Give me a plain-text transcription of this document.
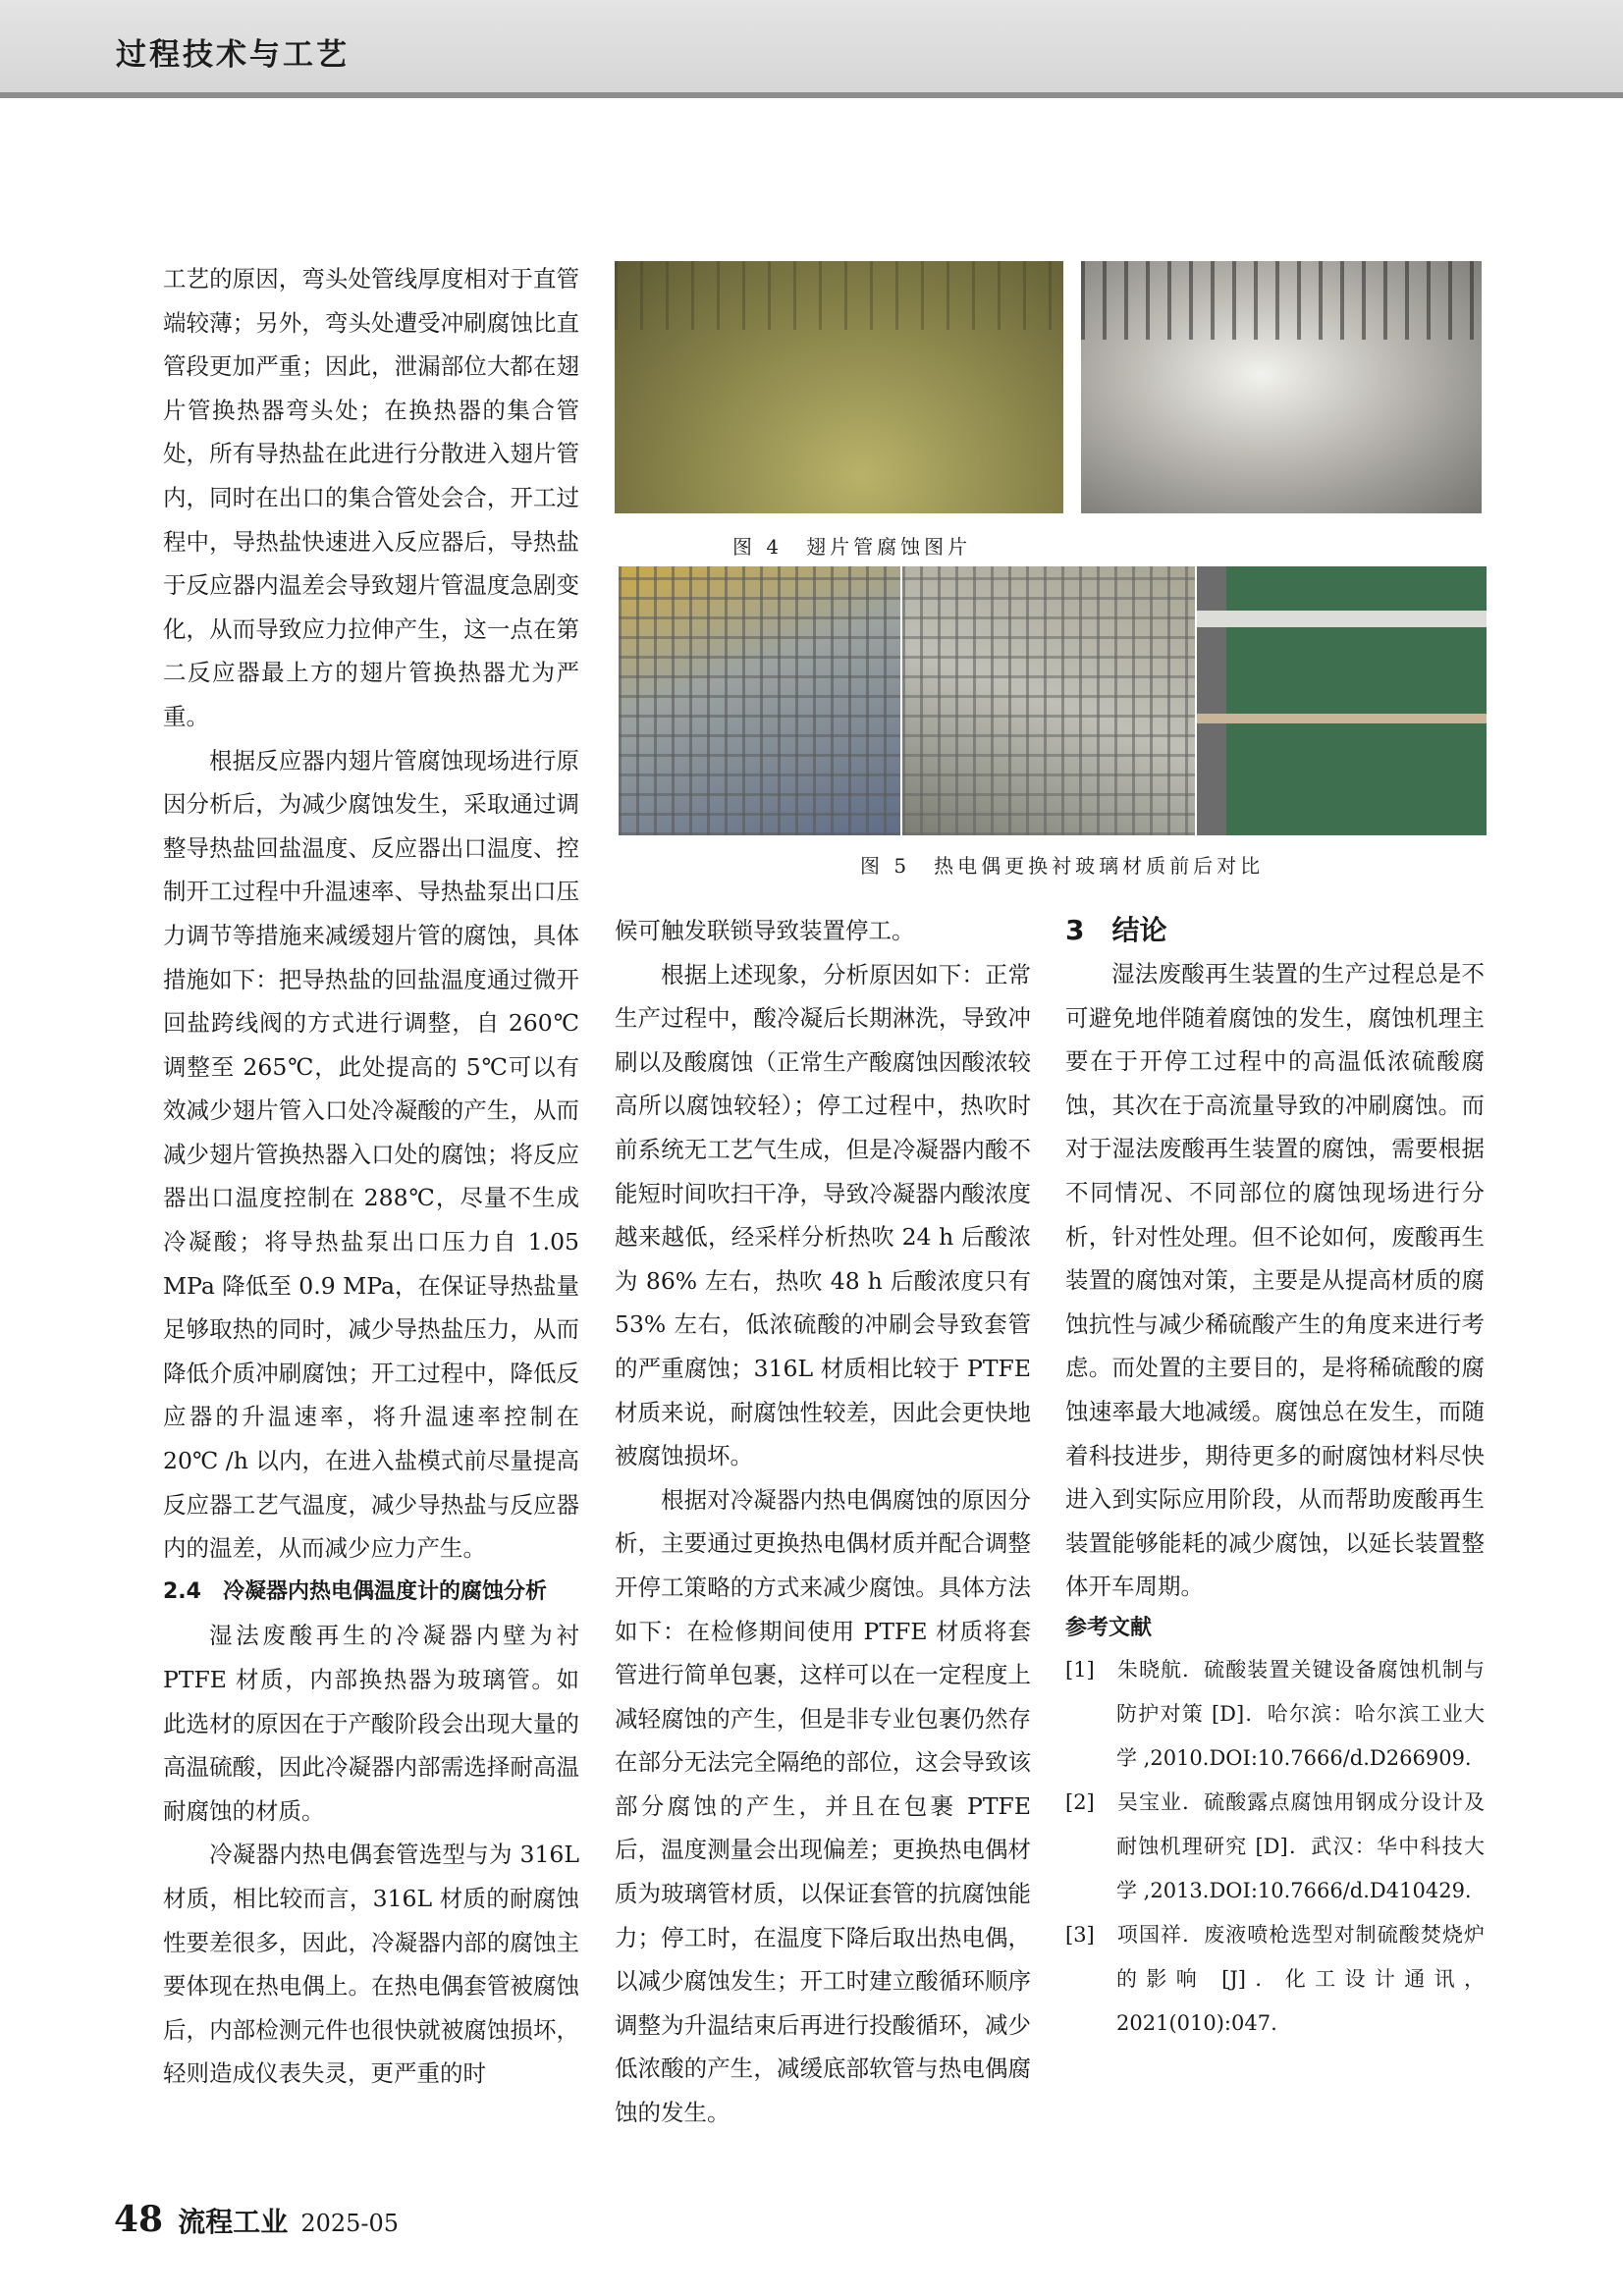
过程技术与工艺

工艺的原因，弯头处管线厚度相对于直管端较薄；另外，弯头处遭受冲刷腐蚀比直管段更加严重；因此，泄漏部位大都在翅片管换热器弯头处；在换热器的集合管处，所有导热盐在此进行分散进入翅片管内，同时在出口的集合管处会合，开工过程中，导热盐快速进入反应器后，导热盐于反应器内温差会导致翅片管温度急剧变化，从而导致应力拉伸产生，这一点在第二反应器最上方的翅片管换热器尤为严重。

根据反应器内翅片管腐蚀现场进行原因分析后，为减少腐蚀发生，采取通过调整导热盐回盐温度、反应器出口温度、控制开工过程中升温速率、导热盐泵出口压力调节等措施来减缓翅片管的腐蚀，具体措施如下：把导热盐的回盐温度通过微开回盐跨线阀的方式进行调整，自 260℃ 调整至 265℃，此处提高的 5℃可以有效减少翅片管入口处冷凝酸的产生，从而减少翅片管换热器入口处的腐蚀；将反应器出口温度控制在 288℃，尽量不生成冷凝酸；将导热盐泵出口压力自 1.05 MPa 降低至 0.9 MPa，在保证导热盐量足够取热的同时，减少导热盐压力，从而降低介质冲刷腐蚀；开工过程中，降低反应器的升温速率，将升温速率控制在 20℃ /h 以内，在进入盐模式前尽量提高反应器工艺气温度，减少导热盐与反应器内的温差，从而减少应力产生。

2.4　冷凝器内热电偶温度计的腐蚀分析

湿法废酸再生的冷凝器内壁为衬 PTFE 材质，内部换热器为玻璃管。如此选材的原因在于产酸阶段会出现大量的高温硫酸，因此冷凝器内部需选择耐高温耐腐蚀的材质。

冷凝器内热电偶套管选型与为 316L 材质，相比较而言，316L 材质的耐腐蚀性要差很多，因此，冷凝器内部的腐蚀主要体现在热电偶上。在热电偶套管被腐蚀后，内部检测元件也很快就被腐蚀损坏，轻则造成仪表失灵，更严重的时

图 4　翅片管腐蚀图片
图 5　热电偶更换衬玻璃材质前后对比

候可触发联锁导致装置停工。

根据上述现象，分析原因如下：正常生产过程中，酸冷凝后长期淋洗，导致冲刷以及酸腐蚀（正常生产酸腐蚀因酸浓较高所以腐蚀较轻）；停工过程中，热吹时前系统无工艺气生成，但是冷凝器内酸不能短时间吹扫干净，导致冷凝器内酸浓度越来越低，经采样分析热吹 24 h 后酸浓为 86% 左右，热吹 48 h 后酸浓度只有 53% 左右，低浓硫酸的冲刷会导致套管的严重腐蚀；316L 材质相比较于 PTFE 材质来说，耐腐蚀性较差，因此会更快地被腐蚀损坏。

根据对冷凝器内热电偶腐蚀的原因分析，主要通过更换热电偶材质并配合调整开停工策略的方式来减少腐蚀。具体方法如下：在检修期间使用 PTFE 材质将套管进行简单包裹，这样可以在一定程度上减轻腐蚀的产生，但是非专业包裹仍然存在部分无法完全隔绝的部位，这会导致该部分腐蚀的产生，并且在包裹 PTFE 后，温度测量会出现偏差；更换热电偶材质为玻璃管材质，以保证套管的抗腐蚀能力；停工时，在温度下降后取出热电偶，以减少腐蚀发生；开工时建立酸循环顺序调整为升温结束后再进行投酸循环，减少低浓酸的产生，减缓底部软管与热电偶腐蚀的发生。

3　结论

湿法废酸再生装置的生产过程总是不可避免地伴随着腐蚀的发生，腐蚀机理主要在于开停工过程中的高温低浓硫酸腐蚀，其次在于高流量导致的冲刷腐蚀。而对于湿法废酸再生装置的腐蚀，需要根据不同情况、不同部位的腐蚀现场进行分析，针对性处理。但不论如何，废酸再生装置的腐蚀对策，主要是从提高材质的腐蚀抗性与减少稀硫酸产生的角度来进行考虑。而处置的主要目的，是将稀硫酸的腐蚀速率最大地减缓。腐蚀总在发生，而随着科技进步，期待更多的耐腐蚀材料尽快进入到实际应用阶段，从而帮助废酸再生装置能够能耗的减少腐蚀，以延长装置整体开车周期。

参考文献

[1]　朱晓航．硫酸装置关键设备腐蚀机制与防护对策 [D]．哈尔滨：哈尔滨工业大学 ,2010.DOI:10.7666/d.D266909.

[2]　吴宝业．硫酸露点腐蚀用钢成分设计及耐蚀机理研究 [D]．武汉：华中科技大学 ,2013.DOI:10.7666/d.D410429.

[3]　项国祥．废液喷枪选型对制硫酸焚烧炉的影响 [J]．化工设计通讯，2021(010):047.

48 流程工业 2025-05
